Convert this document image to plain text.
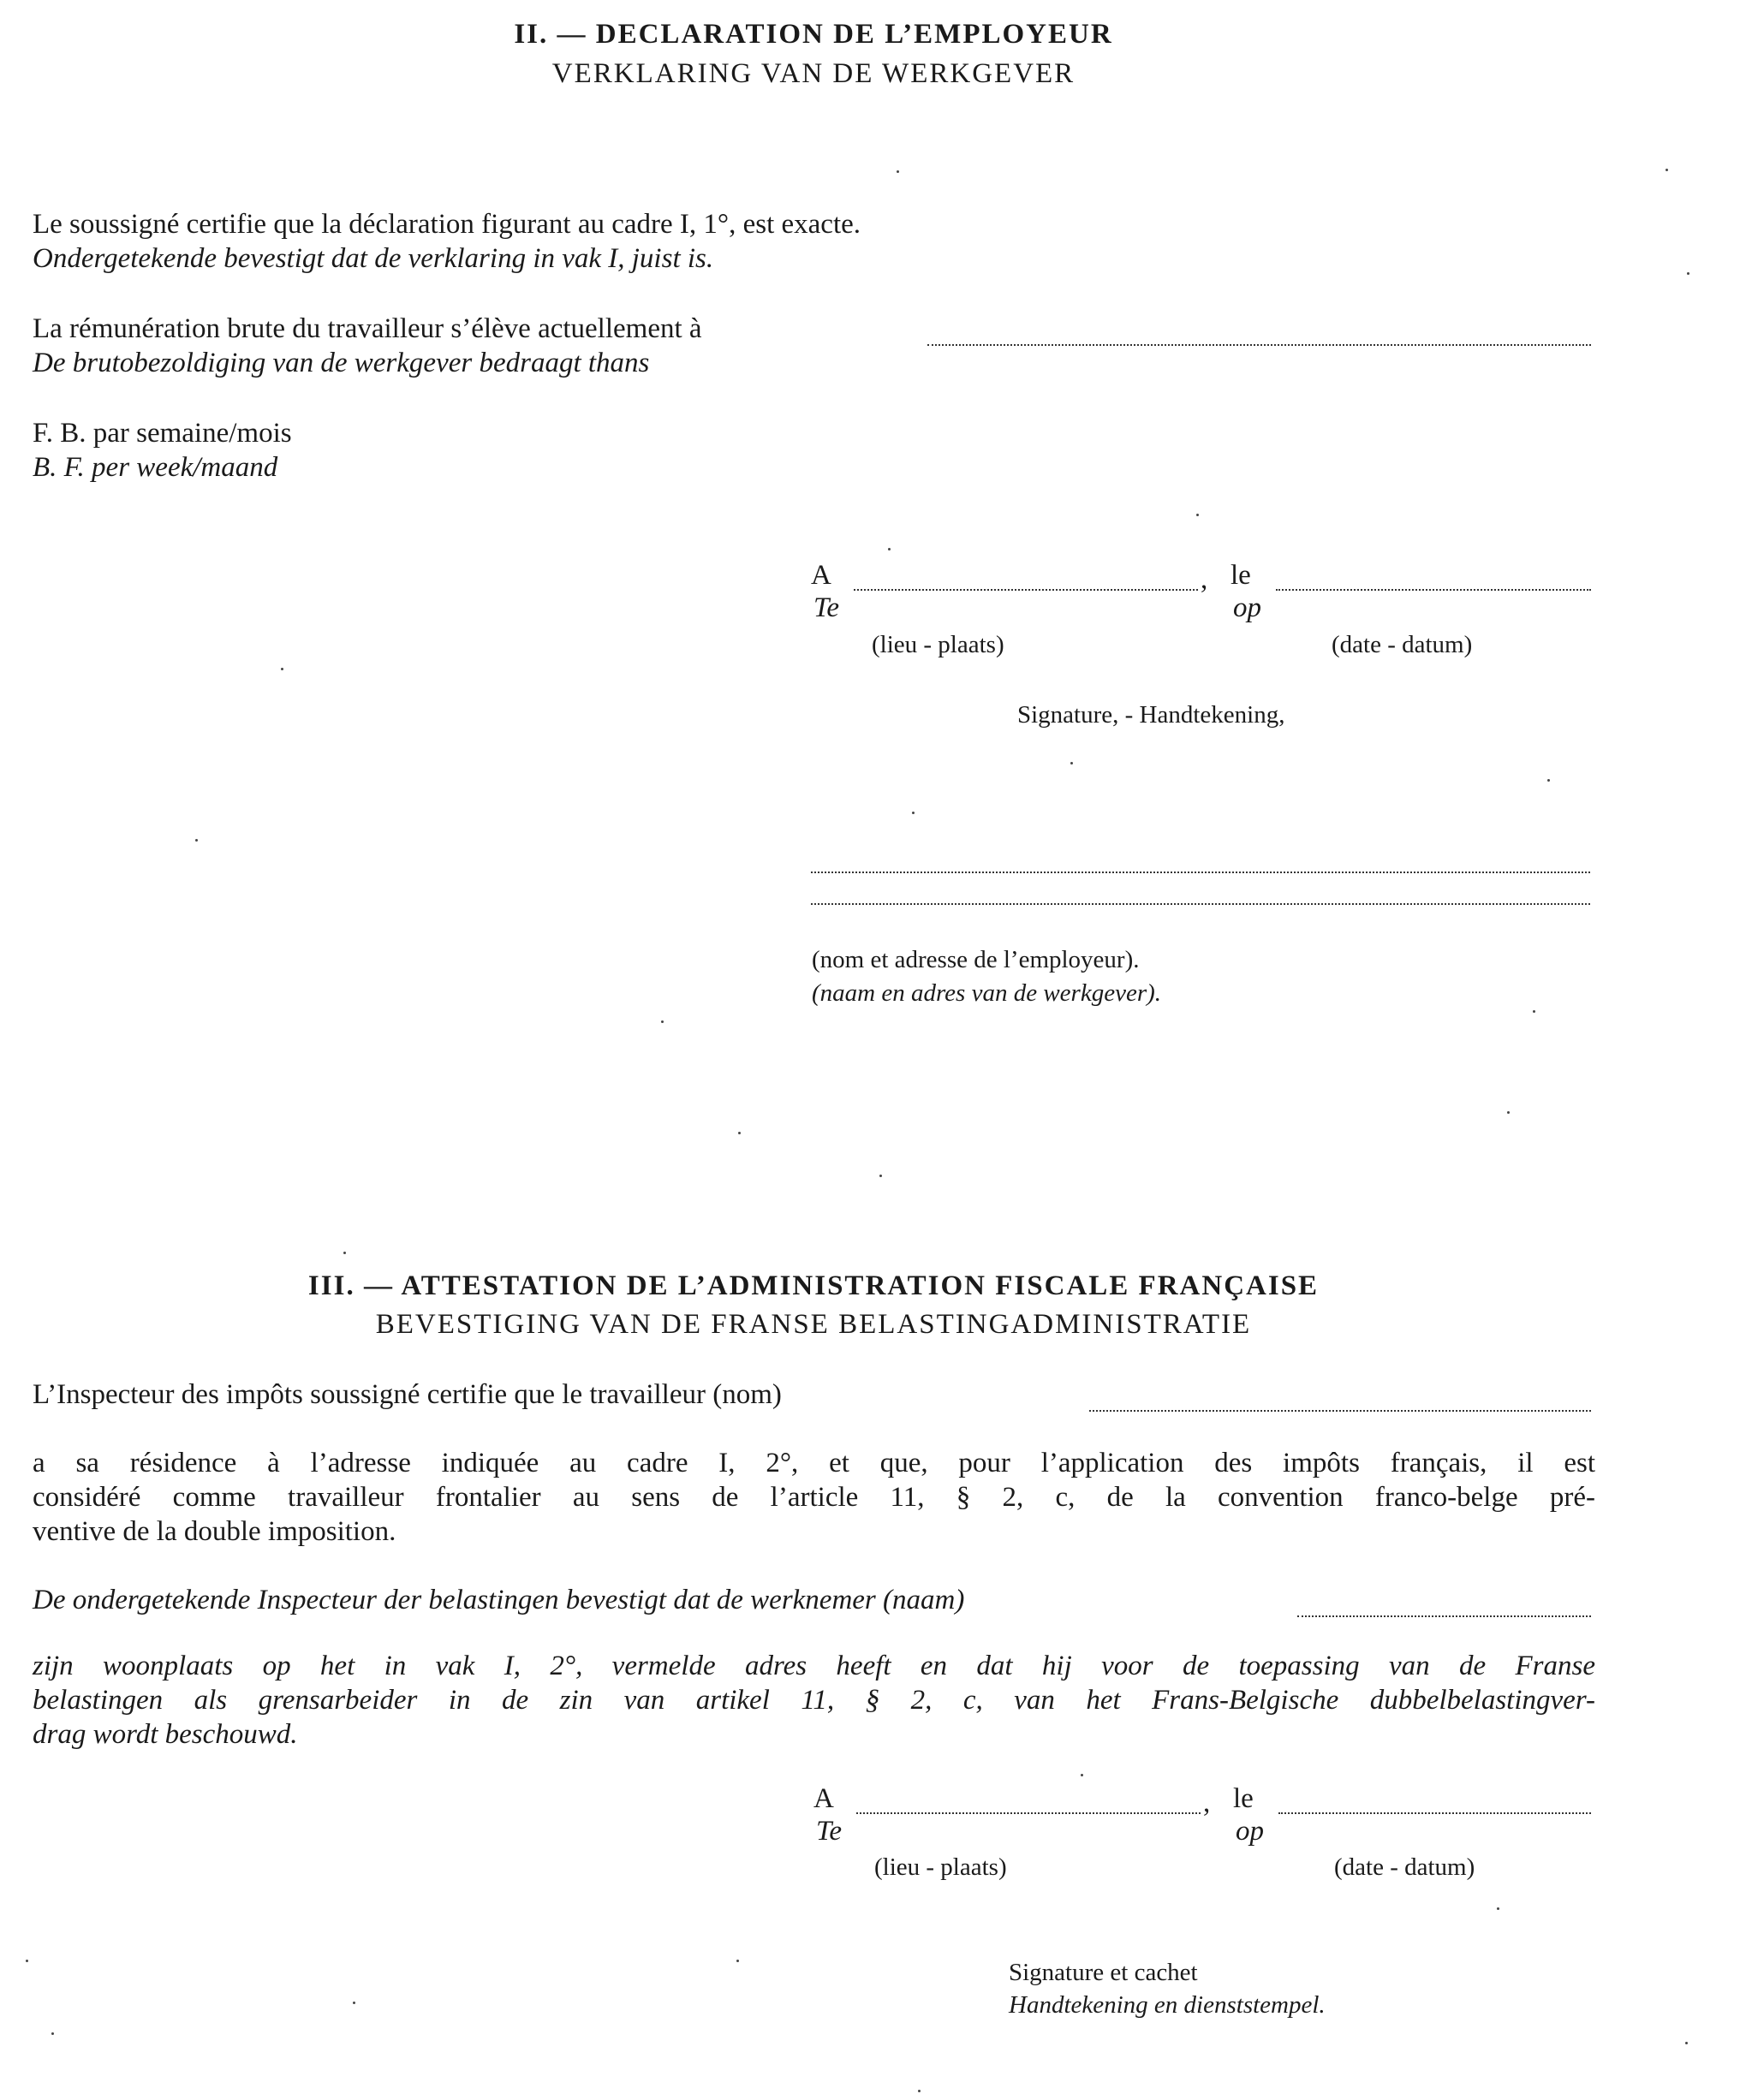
II. — DECLARATION DE L’EMPLOYEUR
VERKLARING VAN DE WERKGEVER
Le soussigné certifie que la déclaration figurant au cadre I, 1°, est exacte.
Ondergetekende bevestigt dat de verklaring in vak I, juist is.
La rémunération brute du travailleur s’élève actuellement à
De brutobezoldiging van de werkgever bedraagt thans
F. B. par semaine/mois
B. F. per week/maand
A
Te
, le
op
(lieu - plaats)	(date - datum)
Signature, - Handtekening,
(nom et adresse de l’employeur).
(naam en adres van de werkgever).
III. — ATTESTATION DE L’ADMINISTRATION FISCALE FRANÇAISE
BEVESTIGING VAN DE FRANSE BELASTINGADMINISTRATIE
L’Inspecteur des impôts soussigné certifie que le travailleur (nom)
a sa résidence à l’adresse indiquée au cadre I, 2°, et que, pour l’application des impôts français, il est
considéré comme travailleur frontalier au sens de l’article 11, § 2, c, de la convention franco-belge pré-
ventive de la double imposition.
De ondergetekende Inspecteur der belastingen bevestigt dat de werknemer (naam)
zijn woonplaats op het in vak I, 2°, vermelde adres heeft en dat hij voor de toepassing van de Franse
belastingen als grensarbeider in de zin van artikel 11, § 2, c, van het Frans-Belgische dubbelbelastingver-
drag wordt beschouwd.
A
Te
, le
op
(lieu - plaats)	(date - datum)
Signature et cachet
Handtekening en dienststempel.
